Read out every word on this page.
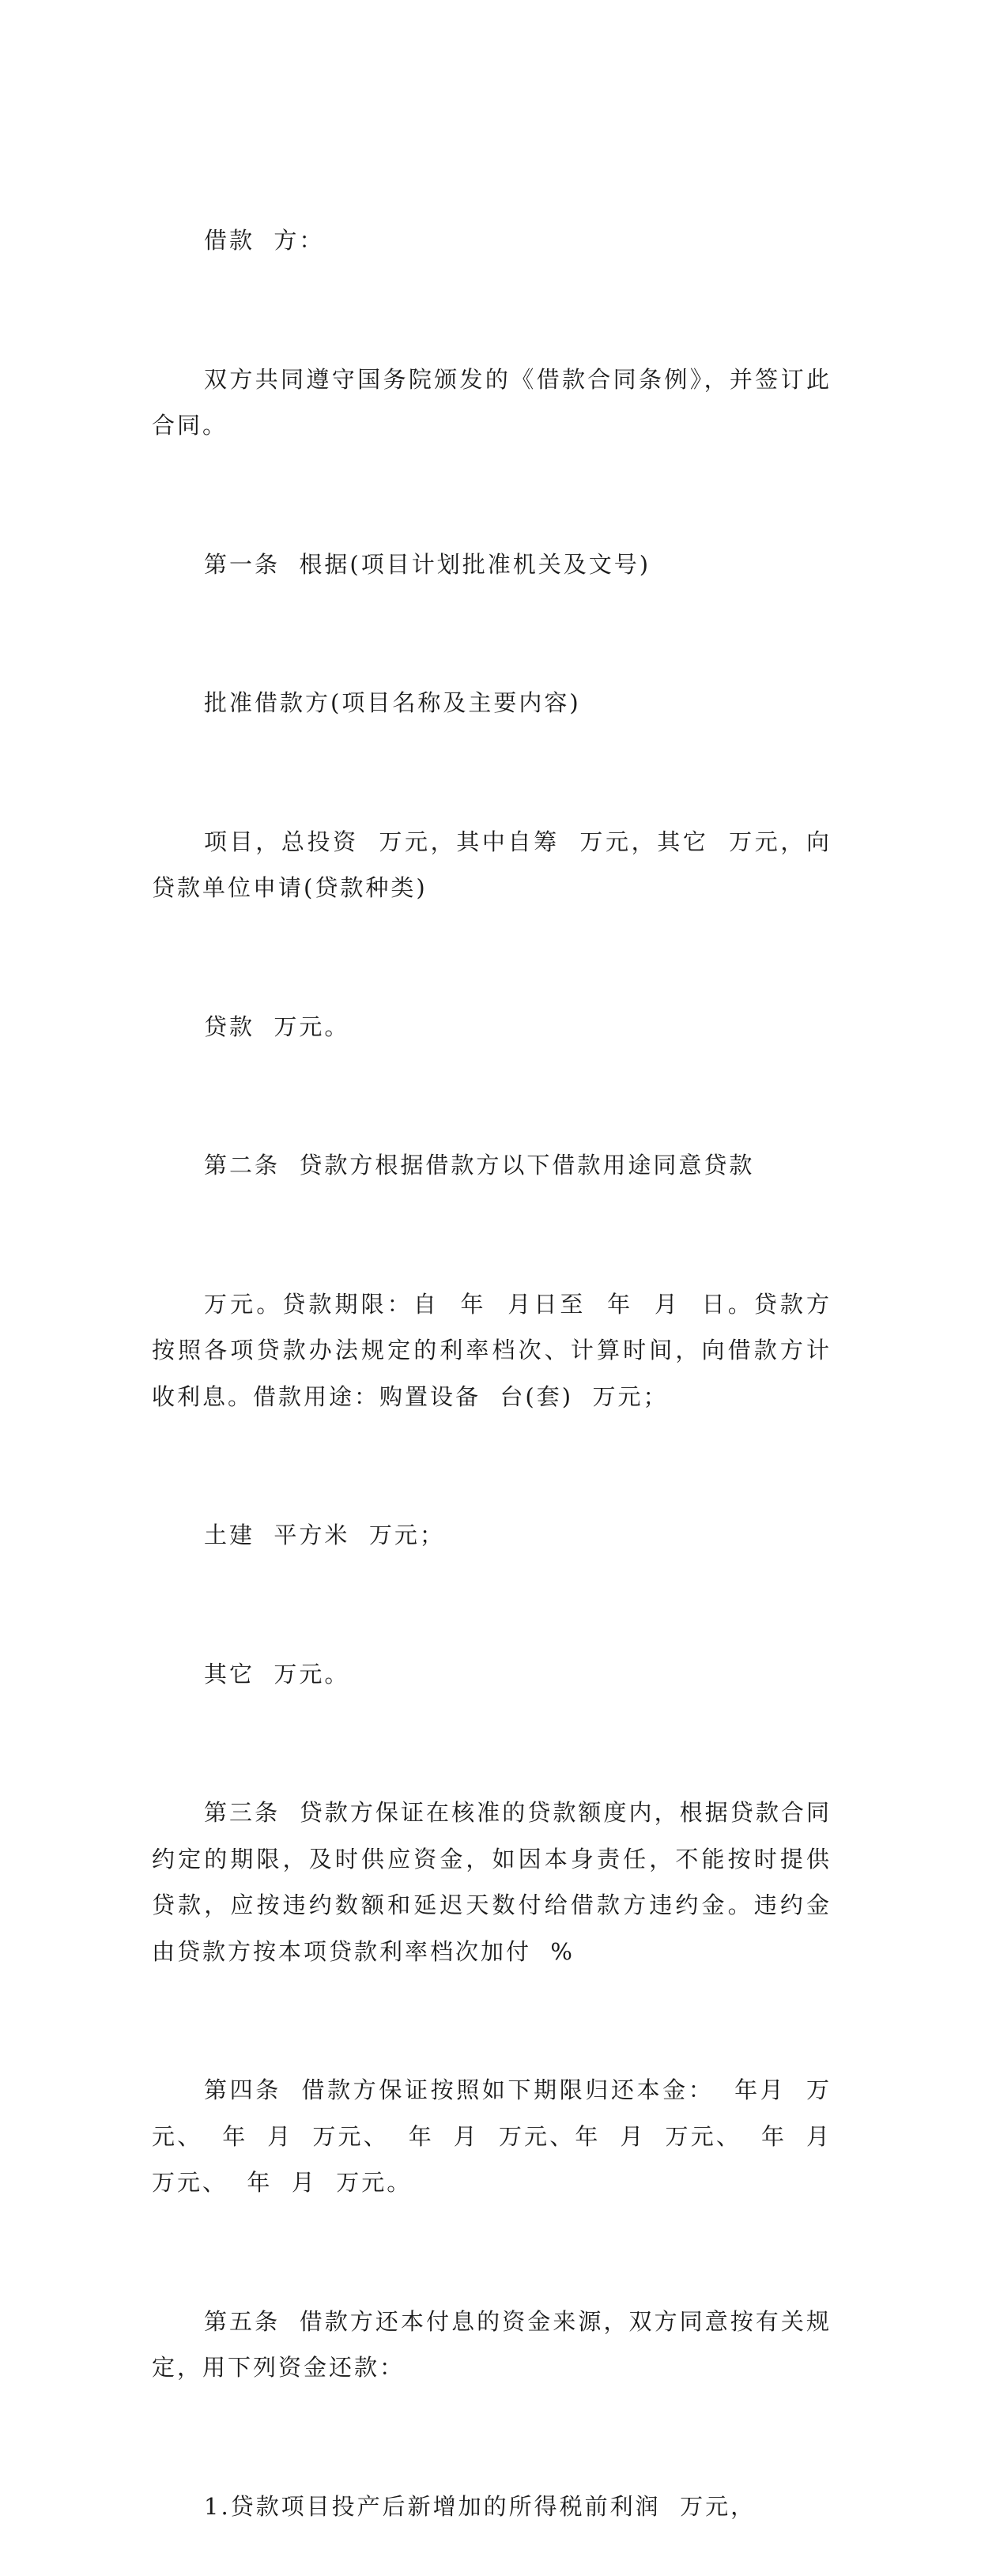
借款  方：

双方共同遵守国务院颁发的《借款合同条例》，并签订此合同。

第一条  根据(项目计划批准机关及文号)

批准借款方(项目名称及主要内容)

项目，总投资  万元，其中自筹  万元，其它  万元，向贷款单位申请(贷款种类)

贷款  万元。

第二条  贷款方根据借款方以下借款用途同意贷款

万元。贷款期限：自  年  月日至  年  月  日。贷款方按照各项贷款办法规定的利率档次、计算时间，向借款方计收利息。借款用途：购置设备  台(套)  万元；

土建  平方米  万元；

其它  万元。

第三条  贷款方保证在核准的贷款额度内，根据贷款合同约定的期限，及时供应资金，如因本身责任，不能按时提供贷款，应按违约数额和延迟天数付给借款方违约金。违约金由贷款方按本项贷款利率档次加付  %

第四条  借款方保证按照如下期限归还本金：  年月  万元、  年  月  万元、  年  月  万元、年  月  万元、  年  月  万元、  年  月  万元。

第五条  借款方还本付息的资金来源，双方同意按有关规定，用下列资金还款：

1.贷款项目投产后新增加的所得税前利润  万元，
